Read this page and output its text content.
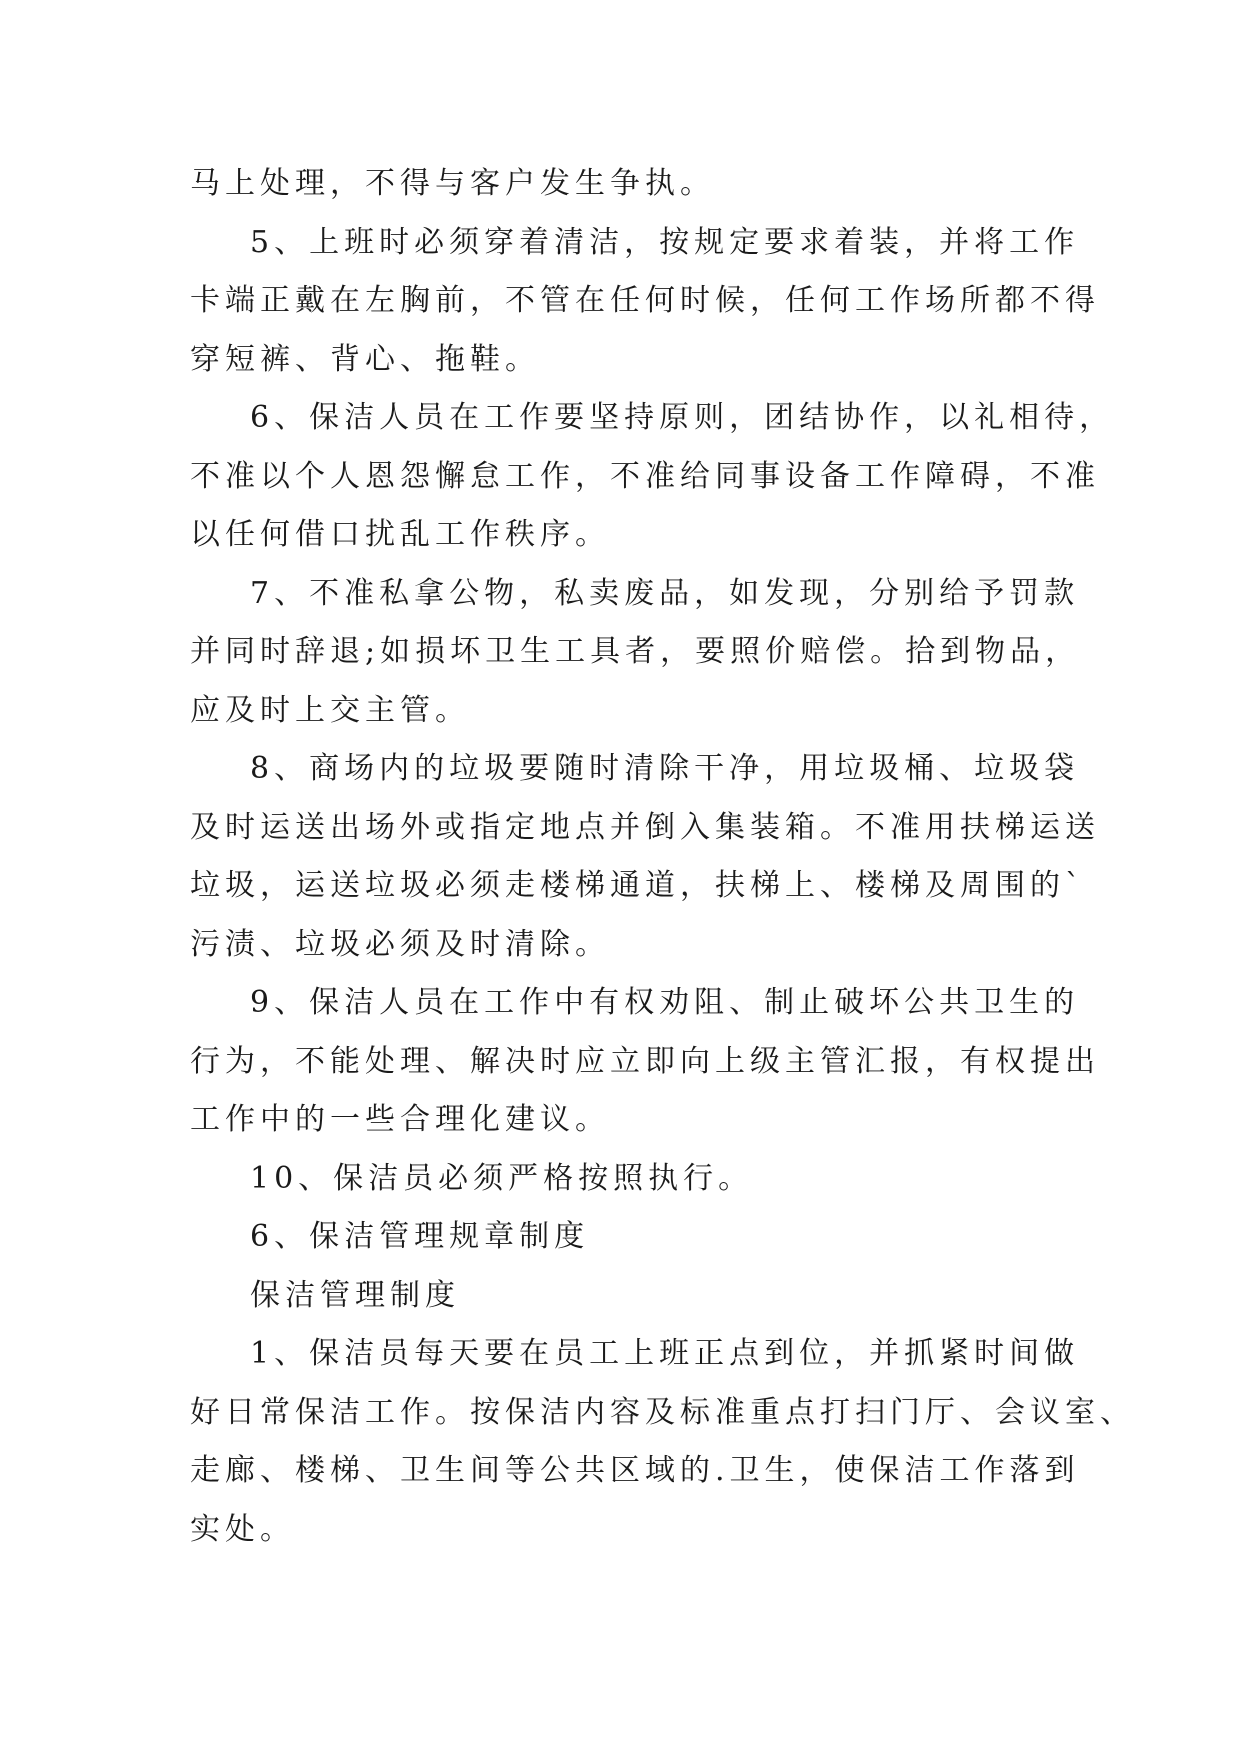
马上处理，不得与客户发生争执。

5、上班时必须穿着清洁，按规定要求着装，并将工作

卡端正戴在左胸前，不管在任何时候，任何工作场所都不得

穿短裤、背心、拖鞋。

6、保洁人员在工作要坚持原则，团结协作，以礼相待，

不准以个人恩怨懈怠工作，不准给同事设备工作障碍，不准

以任何借口扰乱工作秩序。

7、不准私拿公物，私卖废品，如发现，分别给予罚款

并同时辞退;如损坏卫生工具者，要照价赔偿。拾到物品，

应及时上交主管。

8、商场内的垃圾要随时清除干净，用垃圾桶、垃圾袋

及时运送出场外或指定地点并倒入集装箱。不准用扶梯运送

垃圾，运送垃圾必须走楼梯通道，扶梯上、楼梯及周围的`

污渍、垃圾必须及时清除。

9、保洁人员在工作中有权劝阻、制止破坏公共卫生的

行为，不能处理、解决时应立即向上级主管汇报，有权提出

工作中的一些合理化建议。

10、保洁员必须严格按照执行。

6、保洁管理规章制度

保洁管理制度

1、保洁员每天要在员工上班正点到位，并抓紧时间做

好日常保洁工作。按保洁内容及标准重点打扫门厅、会议室、

走廊、楼梯、卫生间等公共区域的.卫生，使保洁工作落到

实处。
